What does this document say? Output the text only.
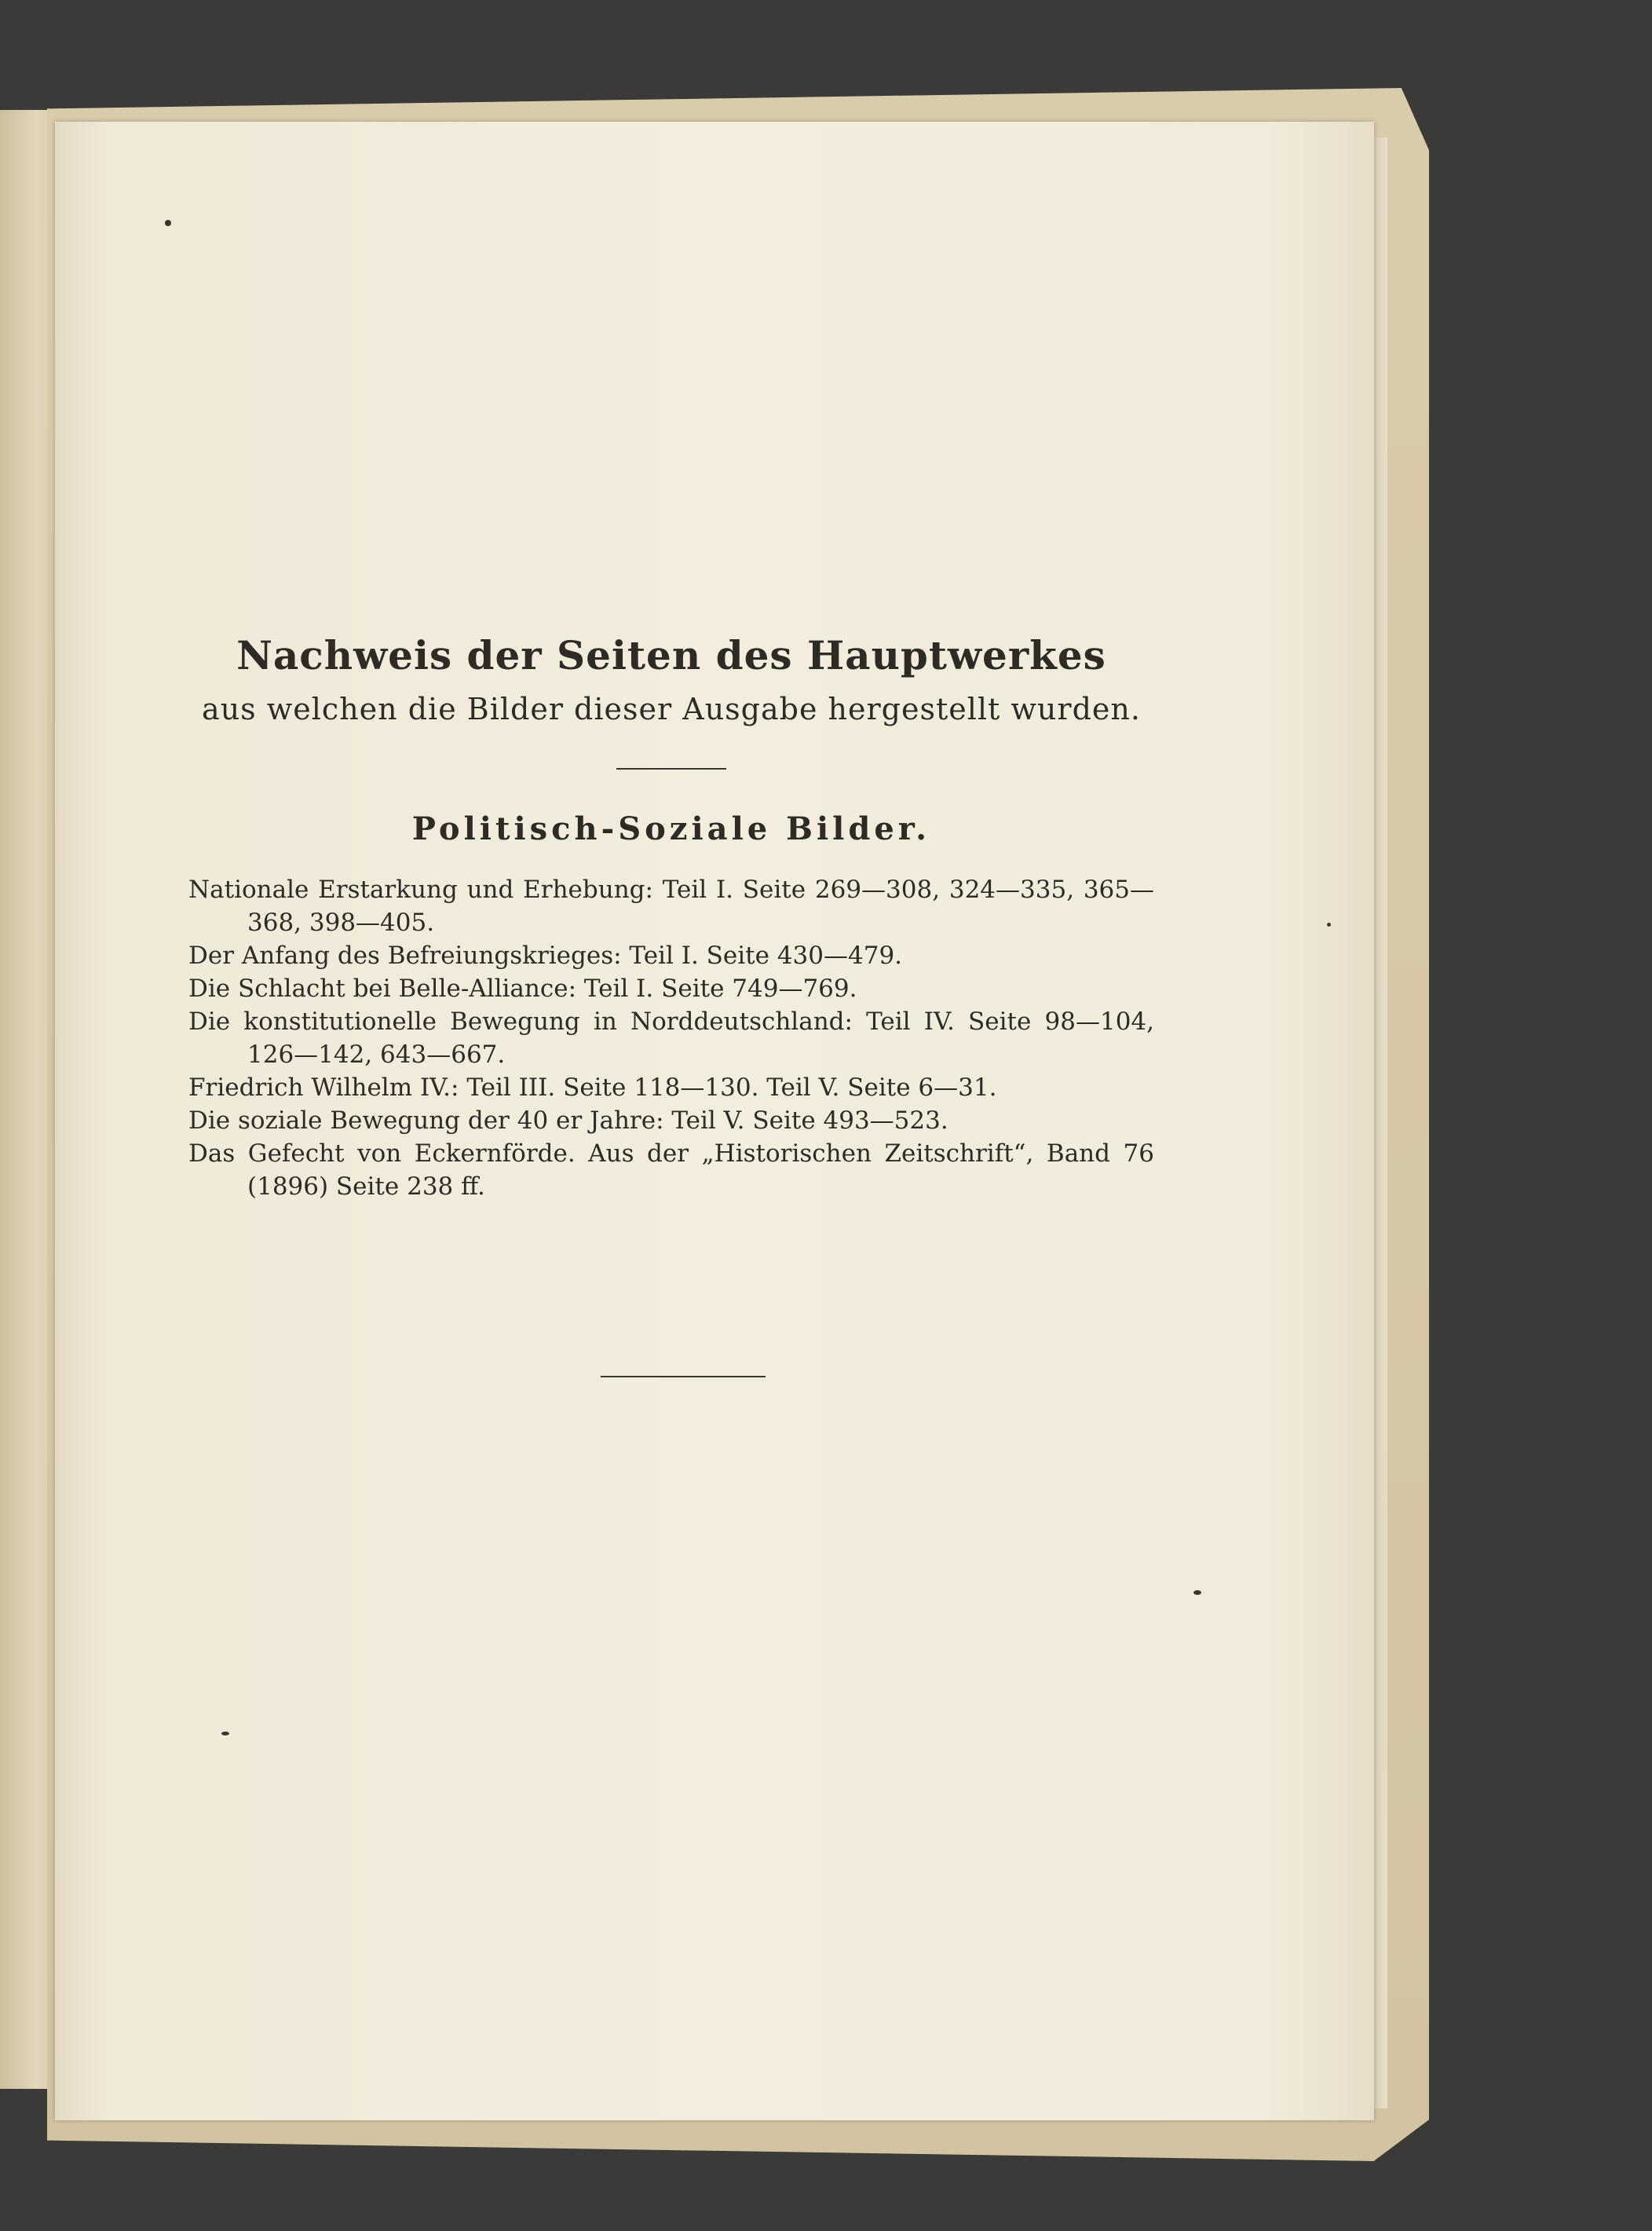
Nachweis der Seiten des Hauptwerkes

aus welchen die Bilder dieser Ausgabe hergestellt wurden.

Politisch-Soziale Bilder.
Nationale Erstarkung und Erhebung: Teil I. Seite 269—308, 324—335, 365—368, 398—405.
Der Anfang des Befreiungskrieges: Teil I. Seite 430—479.
Die Schlacht bei Belle-Alliance: Teil I. Seite 749—769.
Die konstitutionelle Bewegung in Norddeutschland: Teil IV. Seite 98—104, 126—142, 643—667.
Friedrich Wilhelm IV.: Teil III. Seite 118—130. Teil V. Seite 6—31.
Die soziale Bewegung der 40 er Jahre: Teil V. Seite 493—523.
Das Gefecht von Eckernförde. Aus der „Historischen Zeitschrift“, Band 76 (1896) Seite 238 ff.
